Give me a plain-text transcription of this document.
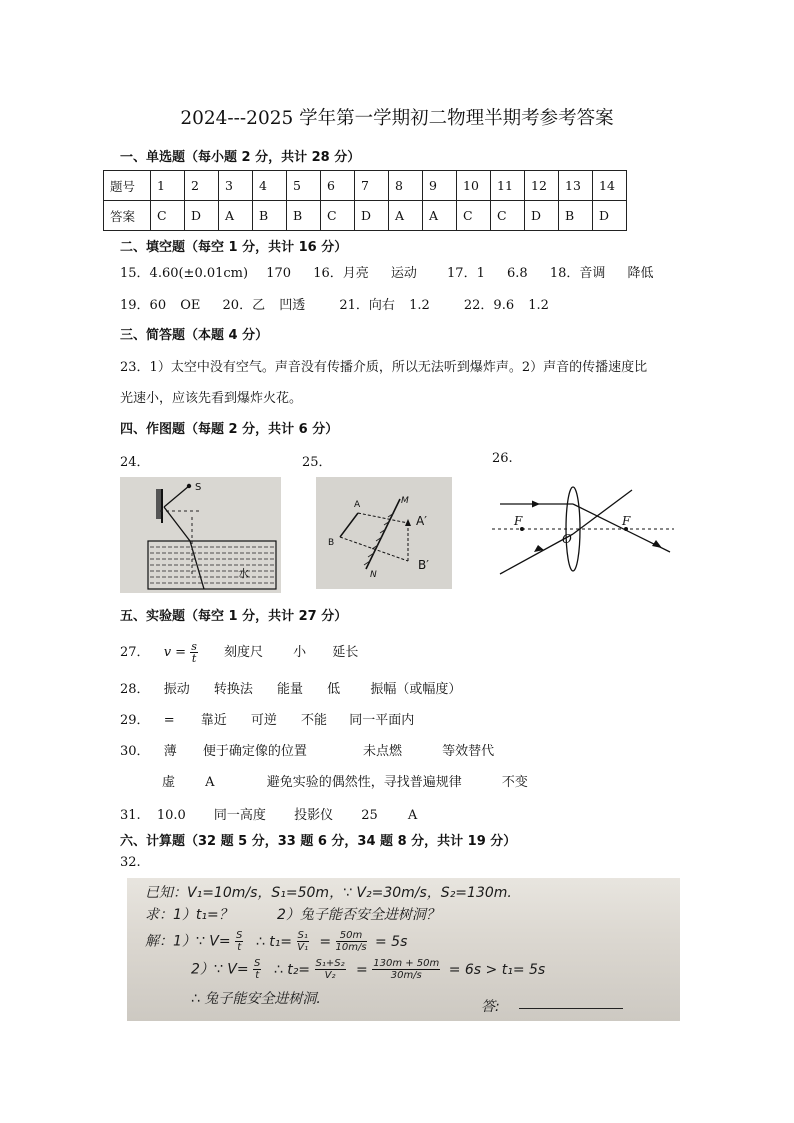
2024---2025 学年第一学期初二物理半期考参考答案
一、单选题（每小题 2 分，共计 28 分）
题号	1	2	3	4	5	6	7	8	9	10	11	12	13	14
答案	C	D	A	B	B	C	D	A	A	C	C	D	B	D
二、填空题（每空 1 分，共计 16 分）
15．4.60(±0.01cm) 170 16．月亮 运动 17．1 6.8 18．音调 降低
19．60 OE 20．乙 凹透	21．向右 1.2	22．9.6 1.2
三、简答题（本题 4 分）
23．1）太空中没有空气。声音没有传播介质，所以无法听到爆炸声。2）声音的传播速度比
光速小，应该先看到爆炸火花。
四、作图题（每题 2 分，共计 6 分）
24．	25．	26.
S
水
M
N
A
B
A′
B′
F
O
F
五、实验题（每空 1 分，共计 27 分）
27． $v = \frac{s}{t}$ 刻度尺 小 延长
28． 振动 转换法 能量 低 振幅（或幅度）
29． = 靠近 可逆 不能 同一平面内
30． 薄 便于确定像的位置	未点燃	等效替代
虚 A	避免实验的偶然性，寻找普遍规律	不变
31. 10.0 同一高度 投影仪 25 A
六、计算题（32 题 5 分，33 题 6 分，34 题 8 分，共计 19 分）
32.
已知：V₁=10m/s，S₁=50m，∵ V₂=30m/s，S₂=130m.
求：1）t₁=？	2）兔子能否安全进树洞？
解：1）∵ $V= \frac{S}{t}$ ∴ $t_1= \frac{\text{S₁}}{\text{V₁}} = \frac{50m}{10m/s} = 5s$
2）∵ $V= \frac{S}{t}$ ∴ $t_2= \frac{\text{S₁+S₂}}{\text{V₂}} = \frac{130m + 50m}{30m/s} = 6s > t_1= 5s$
∴ 兔子能安全进树洞.	答:
